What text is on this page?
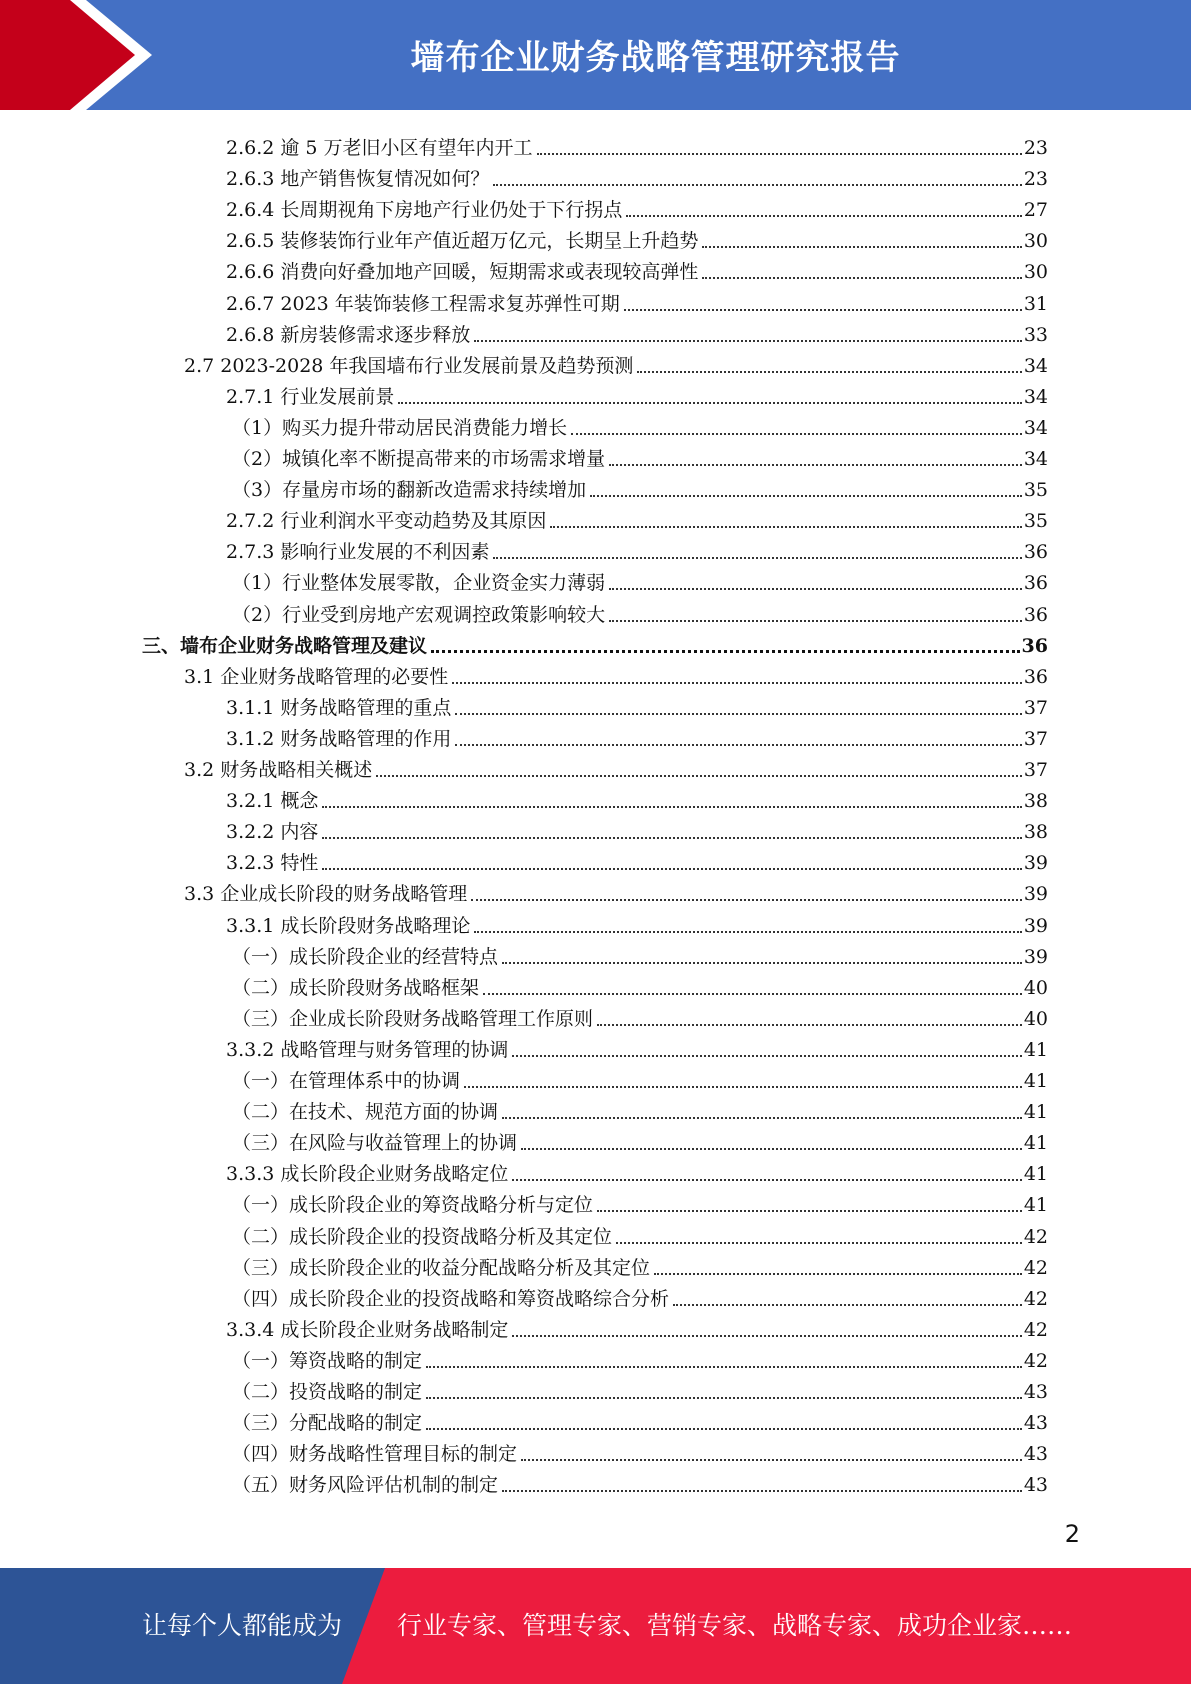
墙布企业财务战略管理研究报告
2.6.2 逾 5 万老旧小区有望年内开工	23
2.6.3 地产销售恢复情况如何？	23
2.6.4 长周期视角下房地产行业仍处于下行拐点	27
2.6.5 装修装饰行业年产值近超万亿元，长期呈上升趋势	30
2.6.6 消费向好叠加地产回暖，短期需求或表现较高弹性	30
2.6.7 2023 年装饰装修工程需求复苏弹性可期	31
2.6.8 新房装修需求逐步释放	33
2.7 2023-2028 年我国墙布行业发展前景及趋势预测	34
2.7.1 行业发展前景	34
（1）购买力提升带动居民消费能力增长	34
（2）城镇化率不断提高带来的市场需求增量	34
（3）存量房市场的翻新改造需求持续增加	35
2.7.2 行业利润水平变动趋势及其原因	35
2.7.3 影响行业发展的不利因素	36
（1）行业整体发展零散，企业资金实力薄弱	36
（2）行业受到房地产宏观调控政策影响较大	36
三、墙布企业财务战略管理及建议	36
3.1 企业财务战略管理的必要性	36
3.1.1 财务战略管理的重点	37
3.1.2 财务战略管理的作用	37
3.2 财务战略相关概述	37
3.2.1 概念	38
3.2.2 内容	38
3.2.3 特性	39
3.3 企业成长阶段的财务战略管理	39
3.3.1 成长阶段财务战略理论	39
（一）成长阶段企业的经营特点	39
（二）成长阶段财务战略框架	40
（三）企业成长阶段财务战略管理工作原则	40
3.3.2 战略管理与财务管理的协调	41
（一）在管理体系中的协调	41
（二）在技术、规范方面的协调	41
（三）在风险与收益管理上的协调	41
3.3.3 成长阶段企业财务战略定位	41
（一）成长阶段企业的筹资战略分析与定位	41
（二）成长阶段企业的投资战略分析及其定位	42
（三）成长阶段企业的收益分配战略分析及其定位	42
（四）成长阶段企业的投资战略和筹资战略综合分析	42
3.3.4 成长阶段企业财务战略制定	42
（一）筹资战略的制定	42
（二）投资战略的制定	43
（三）分配战略的制定	43
（四）财务战略性管理目标的制定	43
（五）财务风险评估机制的制定	43
2
让每个人都能成为 行业专家、管理专家、营销专家、战略专家、成功企业家……
